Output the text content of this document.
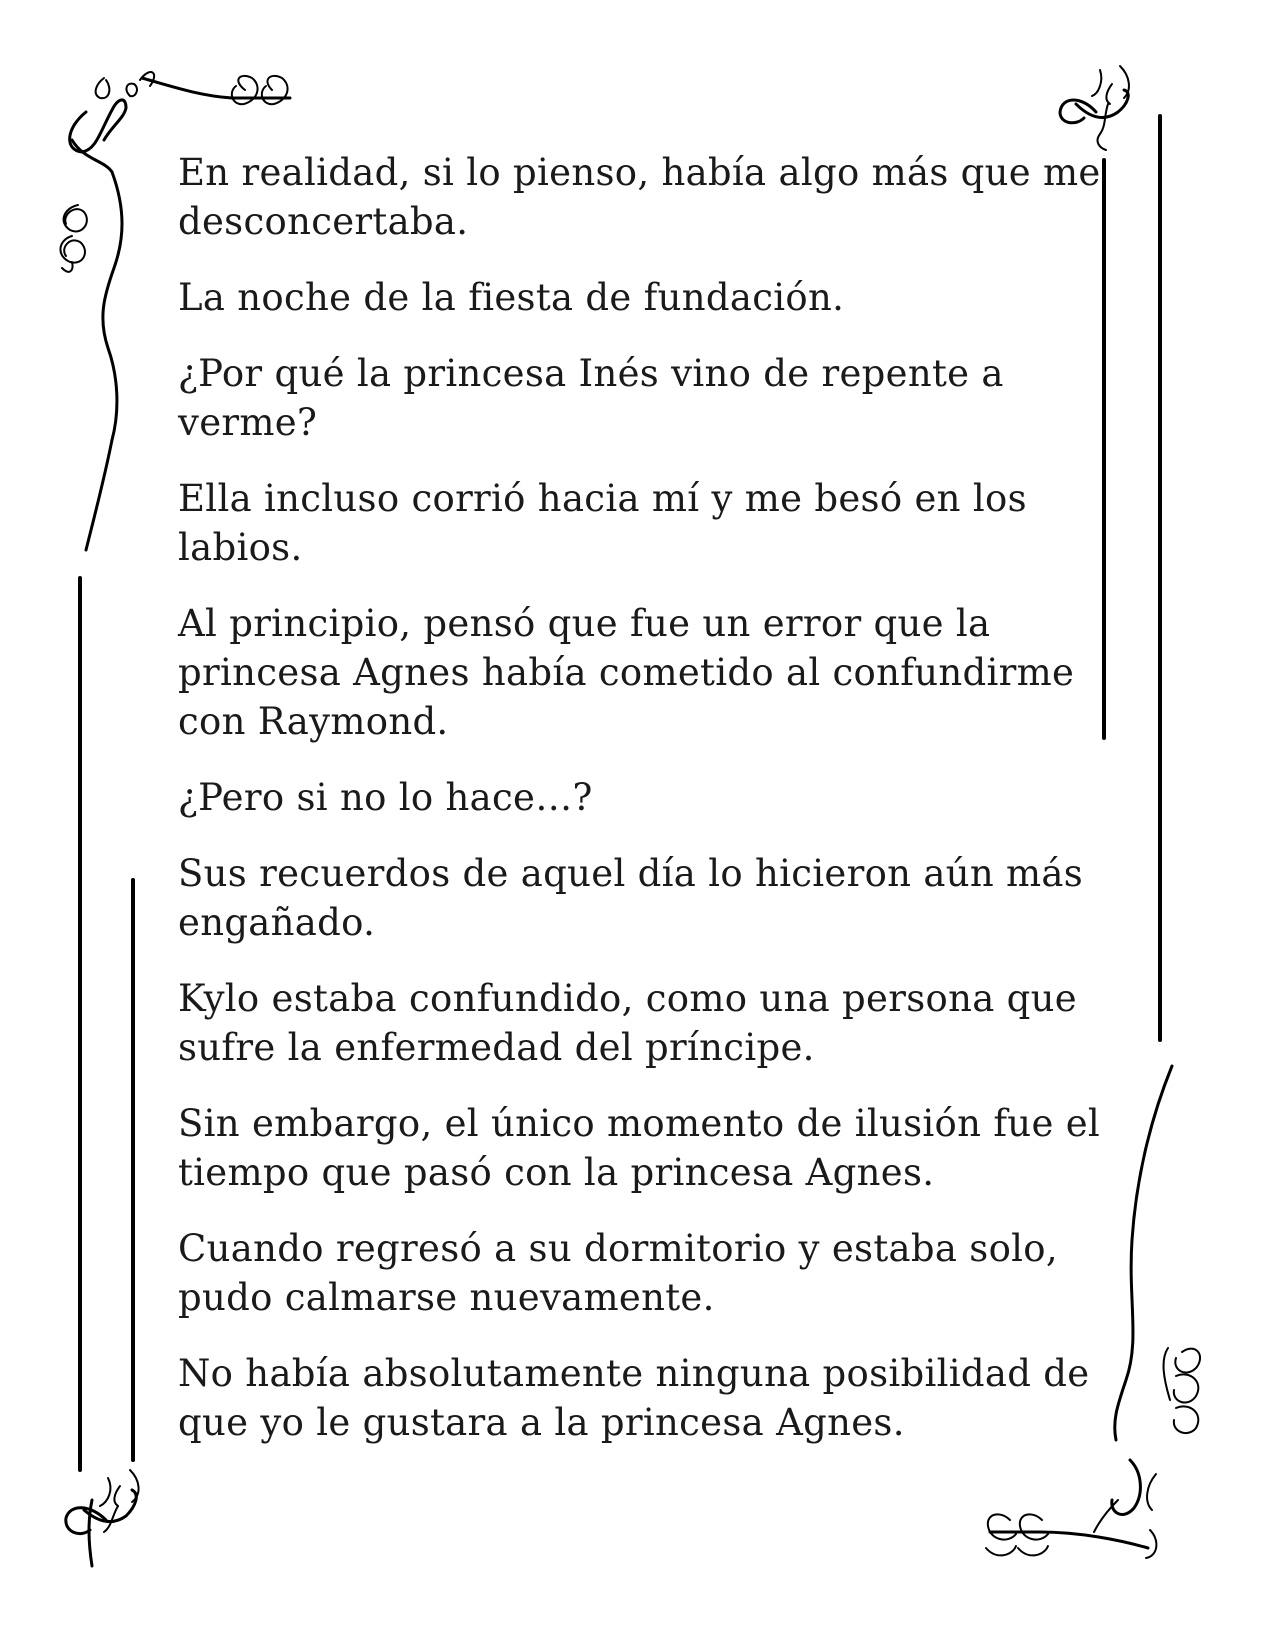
En realidad, si lo pienso, había algo más que me desconcertaba.

La noche de la fiesta de fundación.

¿Por qué la princesa Inés vino de repente a verme?

Ella incluso corrió hacia mí y me besó en los labios.

Al principio, pensó que fue un error que la princesa Agnes había cometido al confundirme con Raymond.

¿Pero si no lo hace…?

Sus recuerdos de aquel día lo hicieron aún más engañado.

Kylo estaba confundido, como una persona que sufre la enfermedad del príncipe.

Sin embargo, el único momento de ilusión fue el tiempo que pasó con la princesa Agnes.

Cuando regresó a su dormitorio y estaba solo, pudo calmarse nuevamente.

No había absolutamente ninguna posibilidad de que yo le gustara a la princesa Agnes.
